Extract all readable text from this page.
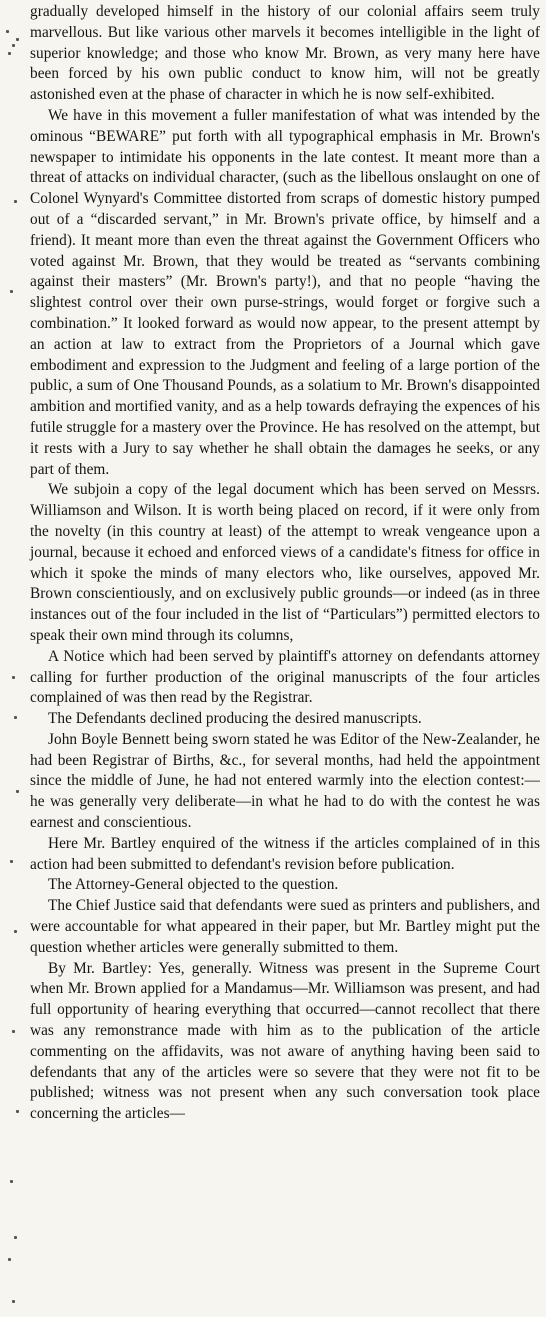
gradually developed himself in the history of our colonial affairs seem truly marvellous. But like various other marvels it becomes intelligible in the light of superior knowledge; and those who know Mr. Brown, as very many here have been forced by his own public conduct to know him, will not be greatly astonished even at the phase of character in which he is now self-exhibited.

We have in this movement a fuller manifestation of what was intended by the ominous “BEWARE” put forth with all typographical emphasis in Mr. Brown's newspaper to intimidate his opponents in the late contest. It meant more than a threat of attacks on individual character, (such as the libellous onslaught on one of Colonel Wynyard's Committee distorted from scraps of domestic history pumped out of a “discarded servant,” in Mr. Brown's private office, by himself and a friend). It meant more than even the threat against the Government Officers who voted against Mr. Brown, that they would be treated as “servants combining against their masters” (Mr. Brown's party!), and that no people “having the slightest control over their own purse-strings, would forget or forgive such a combination.” It looked forward as would now appear, to the present attempt by an action at law to extract from the Proprietors of a Journal which gave embodiment and expression to the Judgment and feeling of a large portion of the public, a sum of One Thousand Pounds, as a solatium to Mr. Brown's disappointed ambition and mortified vanity, and as a help towards defraying the expences of his futile struggle for a mastery over the Province. He has resolved on the attempt, but it rests with a Jury to say whether he shall obtain the damages he seeks, or any part of them.

We subjoin a copy of the legal document which has been served on Messrs. Williamson and Wilson. It is worth being placed on record, if it were only from the novelty (in this country at least) of the attempt to wreak vengeance upon a journal, because it echoed and enforced views of a candidate's fitness for office in which it spoke the minds of many electors who, like ourselves, appoved Mr. Brown conscientiously, and on exclusively public grounds—or indeed (as in three instances out of the four included in the list of “Particulars”) permitted electors to speak their own mind through its columns,

A Notice which had been served by plaintiff's attorney on defendants attorney calling for further production of the original manuscripts of the four articles complained of was then read by the Registrar.

The Defendants declined producing the desired manuscripts.

John Boyle Bennett being sworn stated he was Editor of the New-Zealander, he had been Registrar of Births, &c., for several months, had held the appointment since the middle of June, he had not entered warmly into the election contest:— he was generally very deliberate—in what he had to do with the contest he was earnest and conscientious.

Here Mr. Bartley enquired of the witness if the articles complained of in this action had been submitted to defendant's revision before publication.

The Attorney-General objected to the question.

The Chief Justice said that defendants were sued as printers and publishers, and were accountable for what appeared in their paper, but Mr. Bartley might put the question whether articles were generally submitted to them.

By Mr. Bartley: Yes, generally. Witness was present in the Supreme Court when Mr. Brown applied for a Mandamus—Mr. Williamson was present, and had full opportunity of hearing everything that occurred—cannot recollect that there was any remonstrance made with him as to the publication of the article commenting on the affidavits, was not aware of anything having been said to defendants that any of the articles were so severe that they were not fit to be published; witness was not present when any such conversation took place concerning the articles—
